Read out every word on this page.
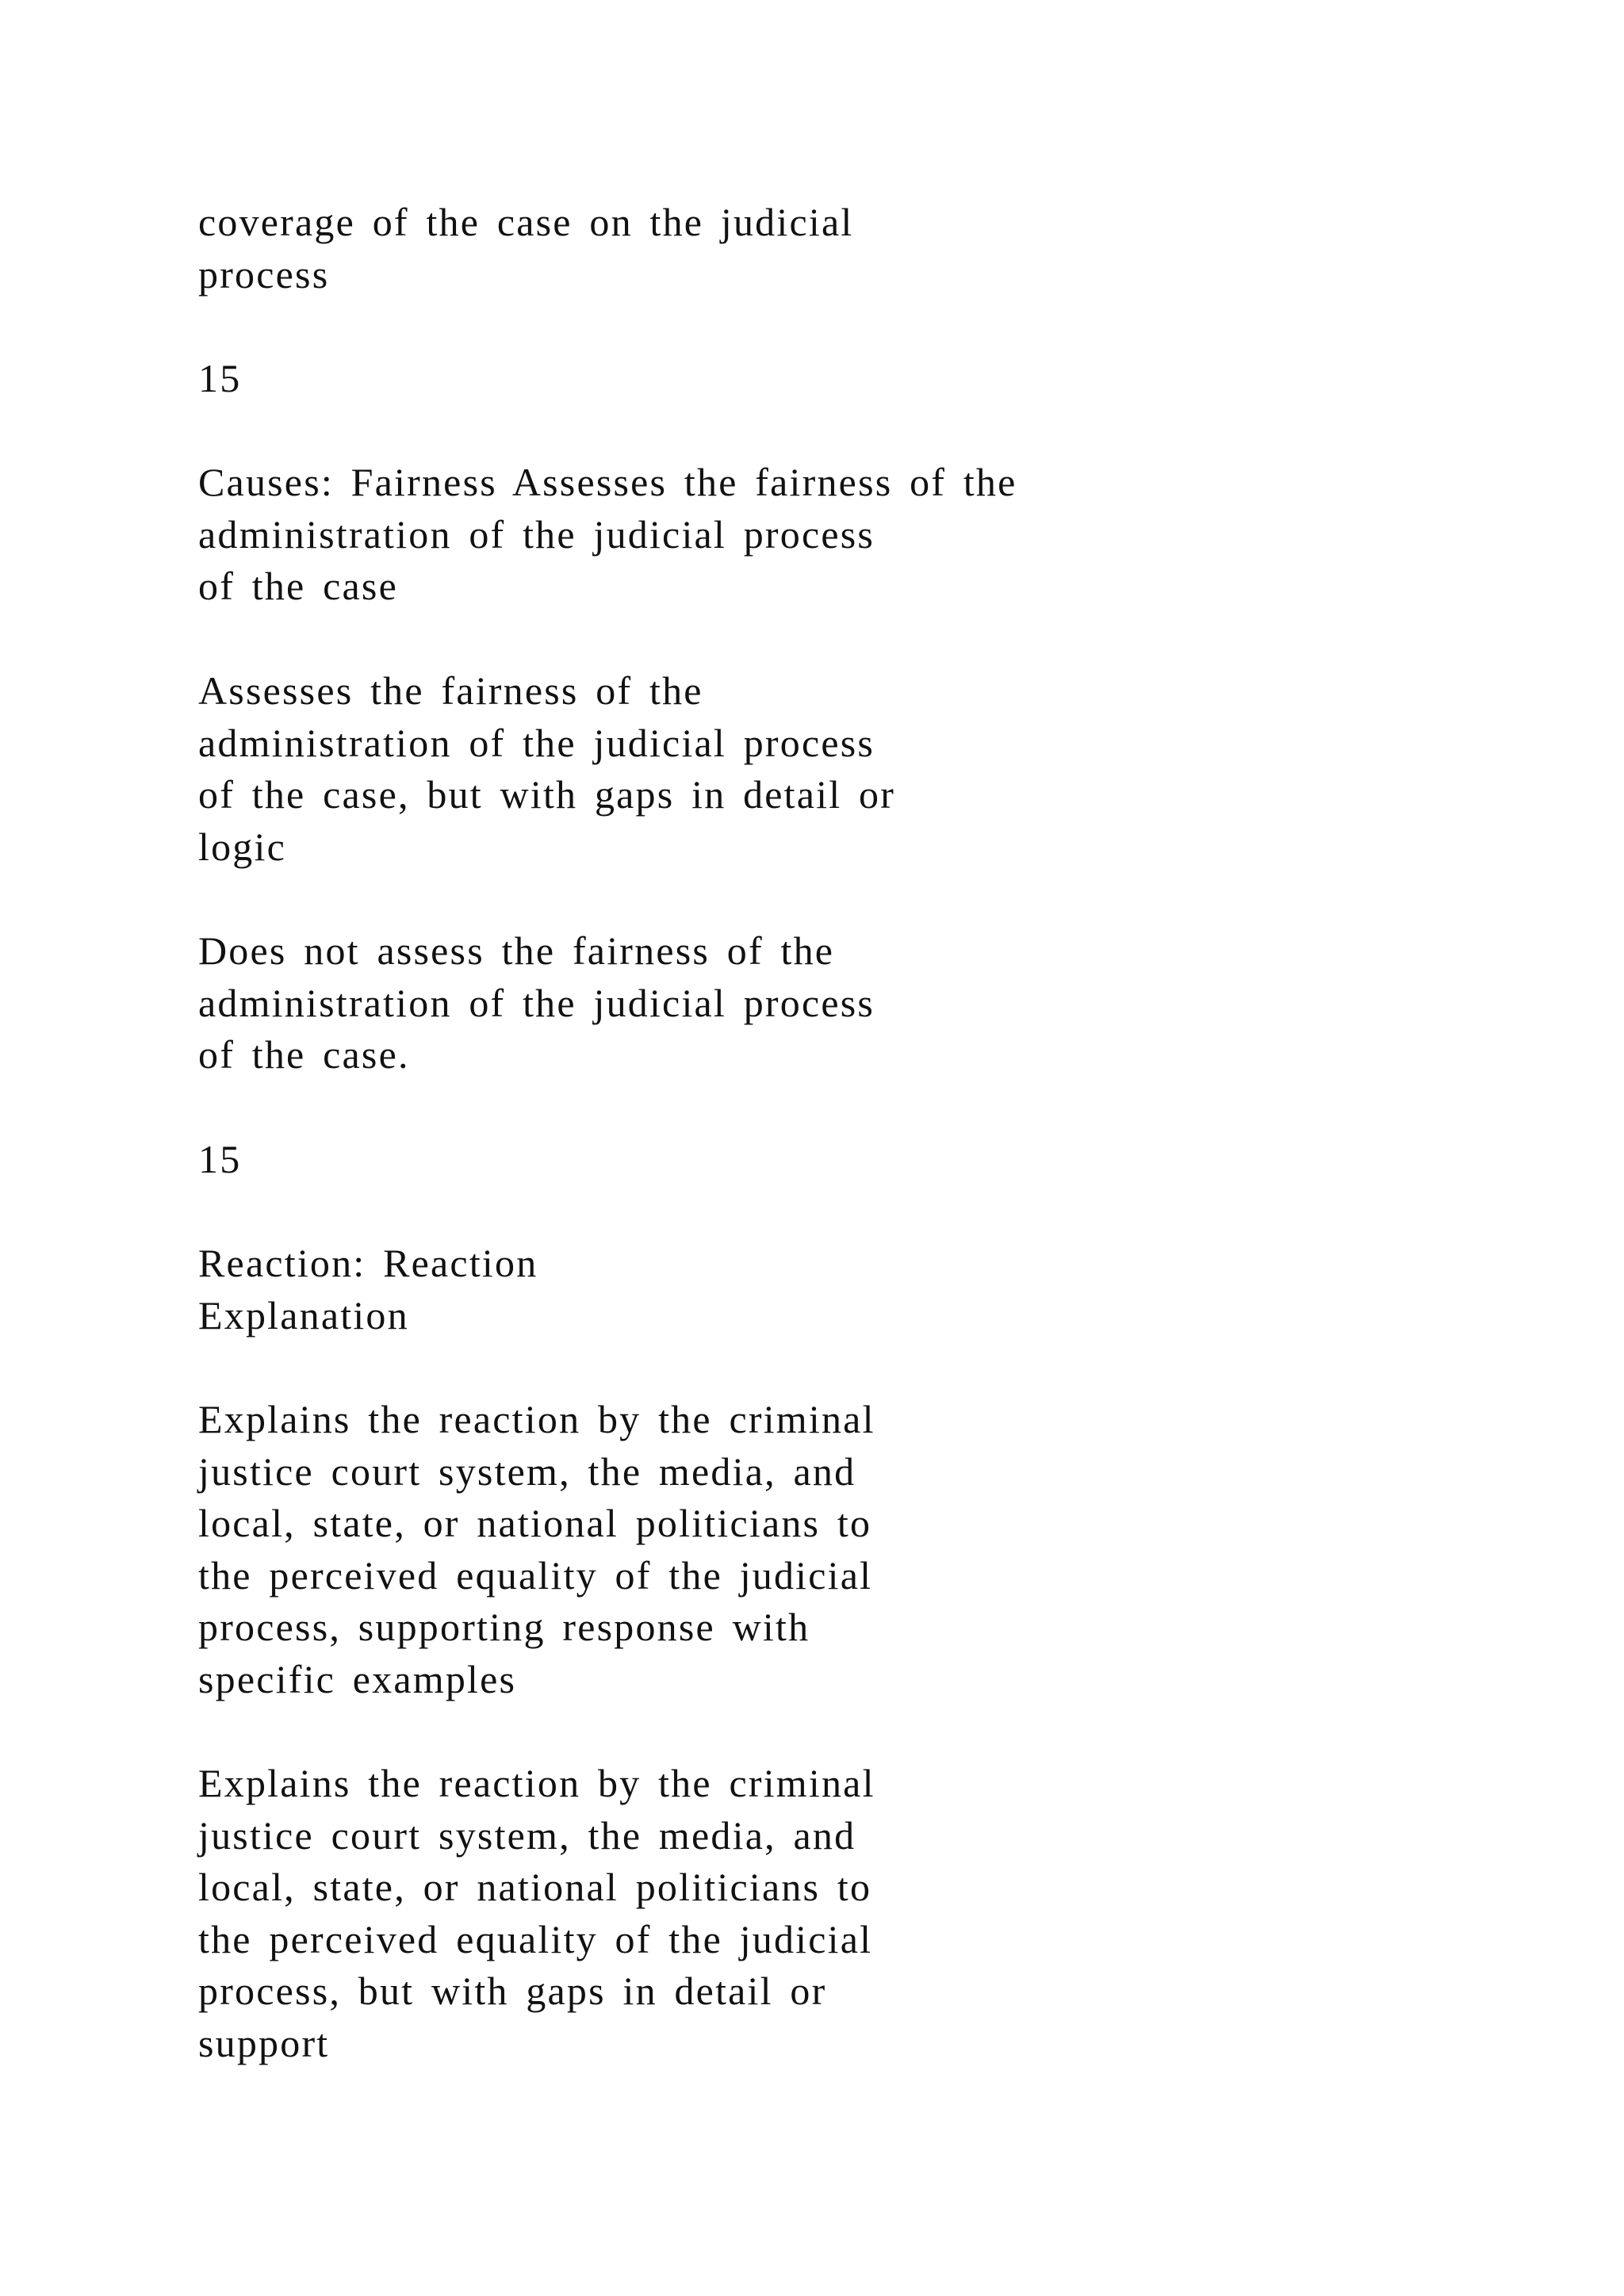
coverage of the case on the judicial
process

15

Causes: Fairness Assesses the fairness of the
administration of the judicial process
of the case

Assesses the fairness of the
administration of the judicial process
of the case, but with gaps in detail or
logic

Does not assess the fairness of the
administration of the judicial process
of the case.

15

Reaction: Reaction
Explanation

Explains the reaction by the criminal
justice court system, the media, and
local, state, or national politicians to
the perceived equality of the judicial
process, supporting response with
specific examples

Explains the reaction by the criminal
justice court system, the media, and
local, state, or national politicians to
the perceived equality of the judicial
process, but with gaps in detail or
support
